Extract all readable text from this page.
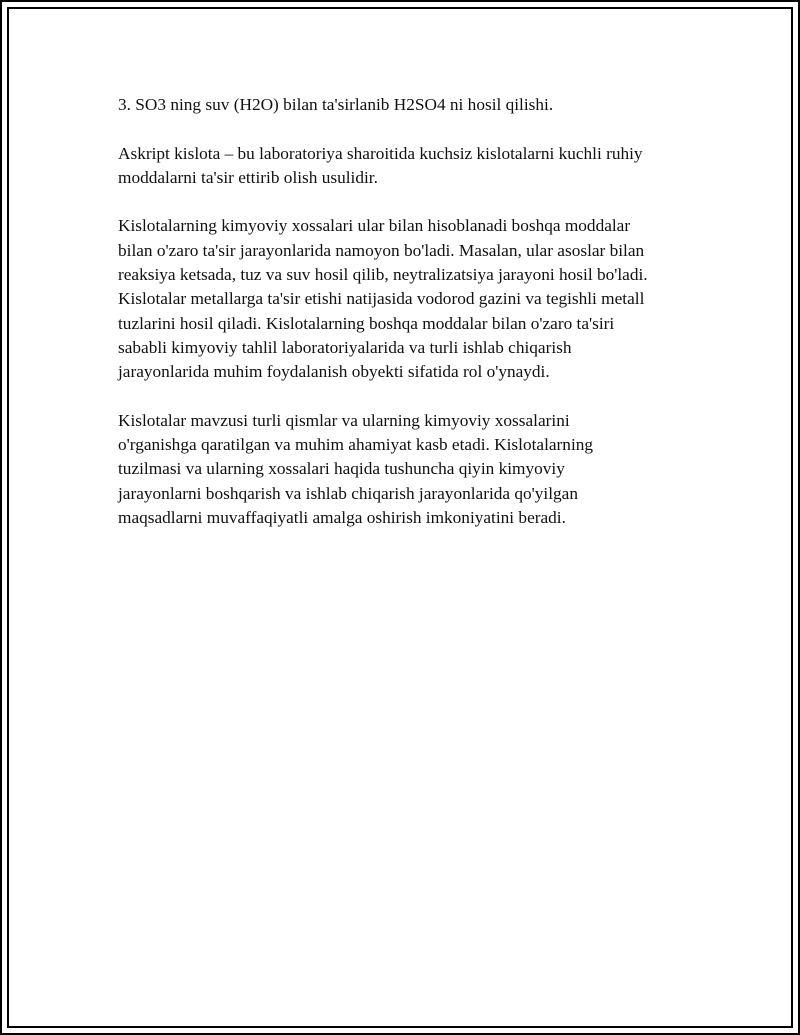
3. SO3 ning suv (H2O) bilan ta'sirlanib H2SO4 ni hosil qilishi.

Askript kislota – bu laboratoriya sharoitida kuchsiz kislotalarni kuchli ruhiy
moddalarni ta'sir ettirib olish usulidir.

Kislotalarning kimyoviy xossalari ular bilan hisoblanadi boshqa moddalar
bilan o'zaro ta'sir jarayonlarida namoyon bo'ladi. Masalan, ular asoslar bilan
reaksiya ketsada, tuz va suv hosil qilib, neytralizatsiya jarayoni hosil bo'ladi.
Kislotalar metallarga ta'sir etishi natijasida vodorod gazini va tegishli metall
tuzlarini hosil qiladi. Kislotalarning boshqa moddalar bilan o'zaro ta'siri
sababli kimyoviy tahlil laboratoriyalarida va turli ishlab chiqarish
jarayonlarida muhim foydalanish obyekti sifatida rol o'ynaydi.

Kislotalar mavzusi turli qismlar va ularning kimyoviy xossalarini
o'rganishga qaratilgan va muhim ahamiyat kasb etadi. Kislotalarning
tuzilmasi va ularning xossalari haqida tushuncha qiyin kimyoviy
jarayonlarni boshqarish va ishlab chiqarish jarayonlarida qo'yilgan
maqsadlarni muvaffaqiyatli amalga oshirish imkoniyatini beradi.
